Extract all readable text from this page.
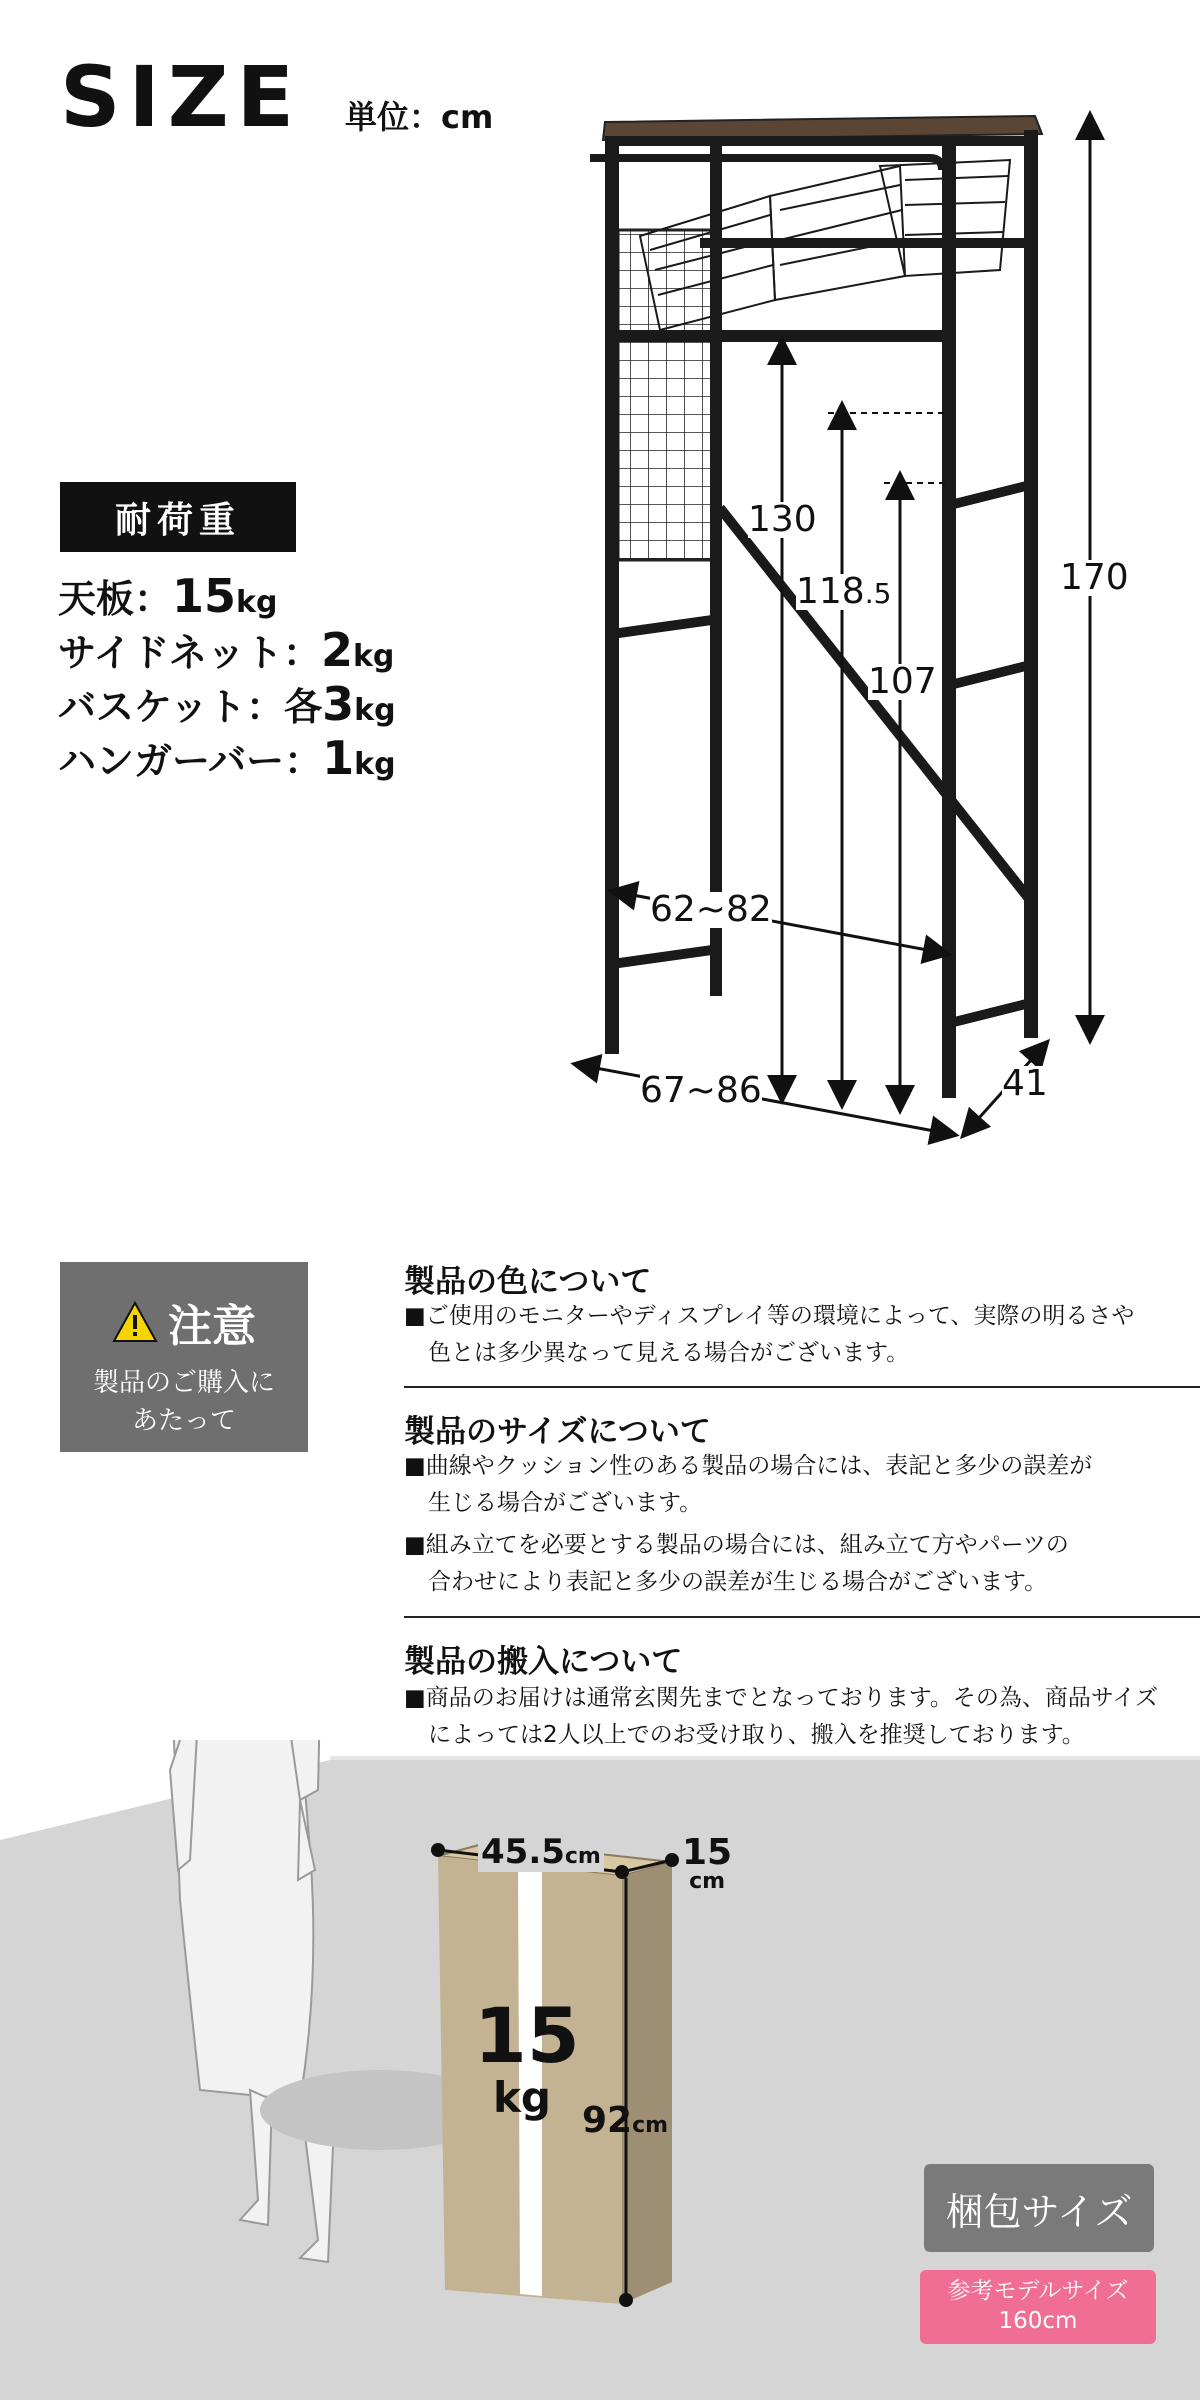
SIZE 単位：cm
耐荷重
天板：15kg
サイドネット：2kg
バスケット：各3kg
ハンガーバー：1kg
170
130
118.5
107
62~82
67~86	41
注意
製品のご購入に
あたって
製品の色について
■ご使用のモニターやディスプレイ等の環境によって、実際の明るさや
色とは多少異なって見える場合がございます。
製品のサイズについて
■曲線やクッション性のある製品の場合には、表記と多少の誤差が
生じる場合がございます。
■組み立てを必要とする製品の場合には、組み立て方やパーツの
合わせにより表記と多少の誤差が生じる場合がございます。
製品の搬入について
■商品のお届けは通常玄関先までとなっております。その為、商品サイズ
によっては2人以上でのお受け取り、搬入を推奨しております。
45.5cm 15
cm
92cm
15
kg
梱包サイズ
参考モデルサイズ
160cm
